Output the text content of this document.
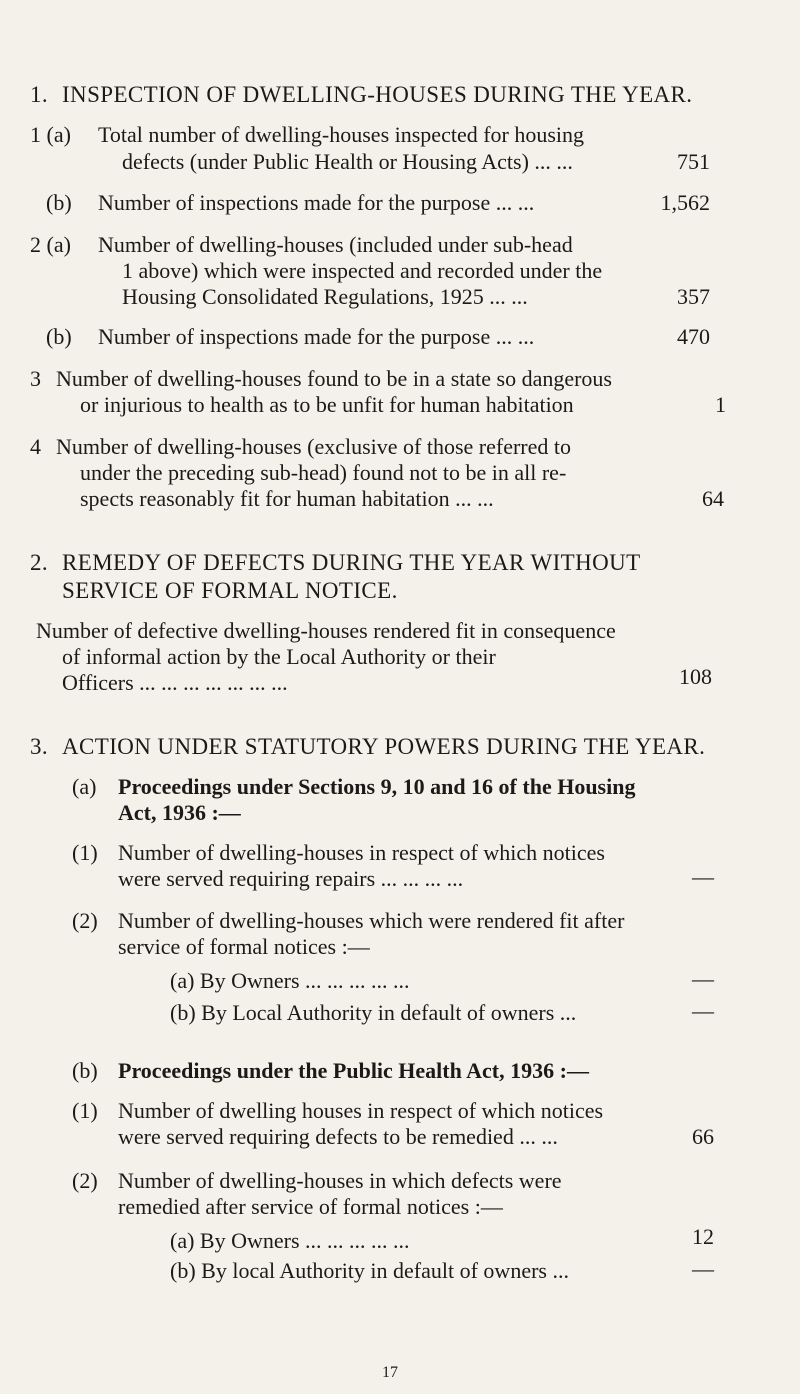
1. INSPECTION OF DWELLING-HOUSES DURING THE YEAR.
1 (a) Total number of dwelling-houses inspected for housing
defects (under Public Health or Housing Acts) ... ...	751
(b) Number of inspections made for the purpose ... ...	1,562
2 (a) Number of dwelling-houses (included under sub-head
1 above) which were inspected and recorded under the
Housing Consolidated Regulations, 1925 ... ...	357
(b) Number of inspections made for the purpose ... ...	470
3 Number of dwelling-houses found to be in a state so dangerous
or injurious to health as to be unfit for human habitation	1
4 Number of dwelling-houses (exclusive of those referred to
under the preceding sub-head) found not to be in all re-
spects reasonably fit for human habitation ... ...	64
2. REMEDY OF DEFECTS DURING THE YEAR WITHOUT
SERVICE OF FORMAL NOTICE.
Number of defective dwelling-houses rendered fit in consequence
of informal action by the Local Authority or their
Officers ... ... ... ... ... ... ...	108
3. ACTION UNDER STATUTORY POWERS DURING THE YEAR.
(a) Proceedings under Sections 9, 10 and 16 of the Housing
Act, 1936 :—
(1) Number of dwelling-houses in respect of which notices
were served requiring repairs ... ... ... ...	—
(2) Number of dwelling-houses which were rendered fit after
service of formal notices :—
(a) By Owners ... ... ... ... ...	—
(b) By Local Authority in default of owners ...	—
(b) Proceedings under the Public Health Act, 1936 :—
(1) Number of dwelling houses in respect of which notices
were served requiring defects to be remedied ... ...	66
(2) Number of dwelling-houses in which defects were
remedied after service of formal notices :—
(a) By Owners ... ... ... ... ...	12
(b) By local Authority in default of owners ...	—
17
